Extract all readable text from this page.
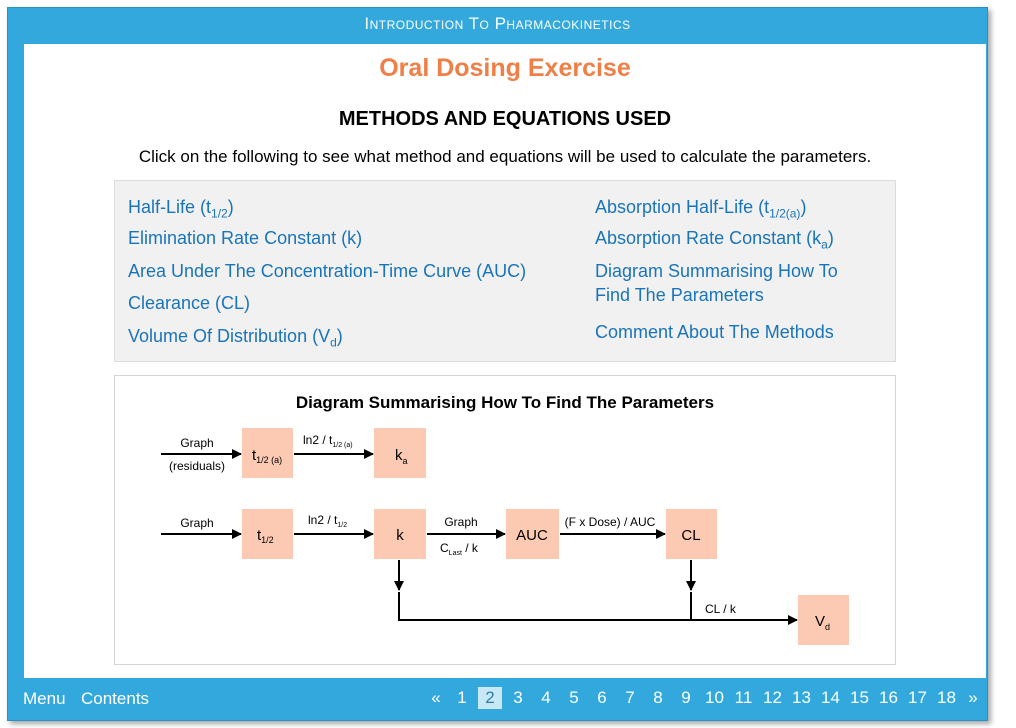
Introduction To Pharmacokinetics
Oral Dosing Exercise
METHODS AND EQUATIONS USED
Click on the following to see what method and equations will be used to calculate the parameters.
Half-Life $(t_{1/2})$
Elimination Rate Constant (k)
Area Under The Concentration-Time Curve (AUC)
Clearance (CL)
Volume Of Distribution $(V_d)$
Absorption Half-Life $(t_{1/2(a)})$
Absorption Rate Constant $(k_a)$
Diagram Summarising How To
Find The Parameters
Comment About The Methods
Diagram Summarising How To Find The Parameters
Graph
(residuals)
$t_{1/2 (a)}$
$\ln 2 / t_{1/2 (a)}$
$k_a$
Graph
$t_{1/2}$
$\ln 2 / t_{1/2}$
k
Graph
$C_{Last}$ / k
AUC
(F x Dose) / AUC
CL
CL / k
$V_d$
Menu Contents	« 1	2	3	4	5	6	7	8	9 10 11 12 13 14 15 16 17 18 »
